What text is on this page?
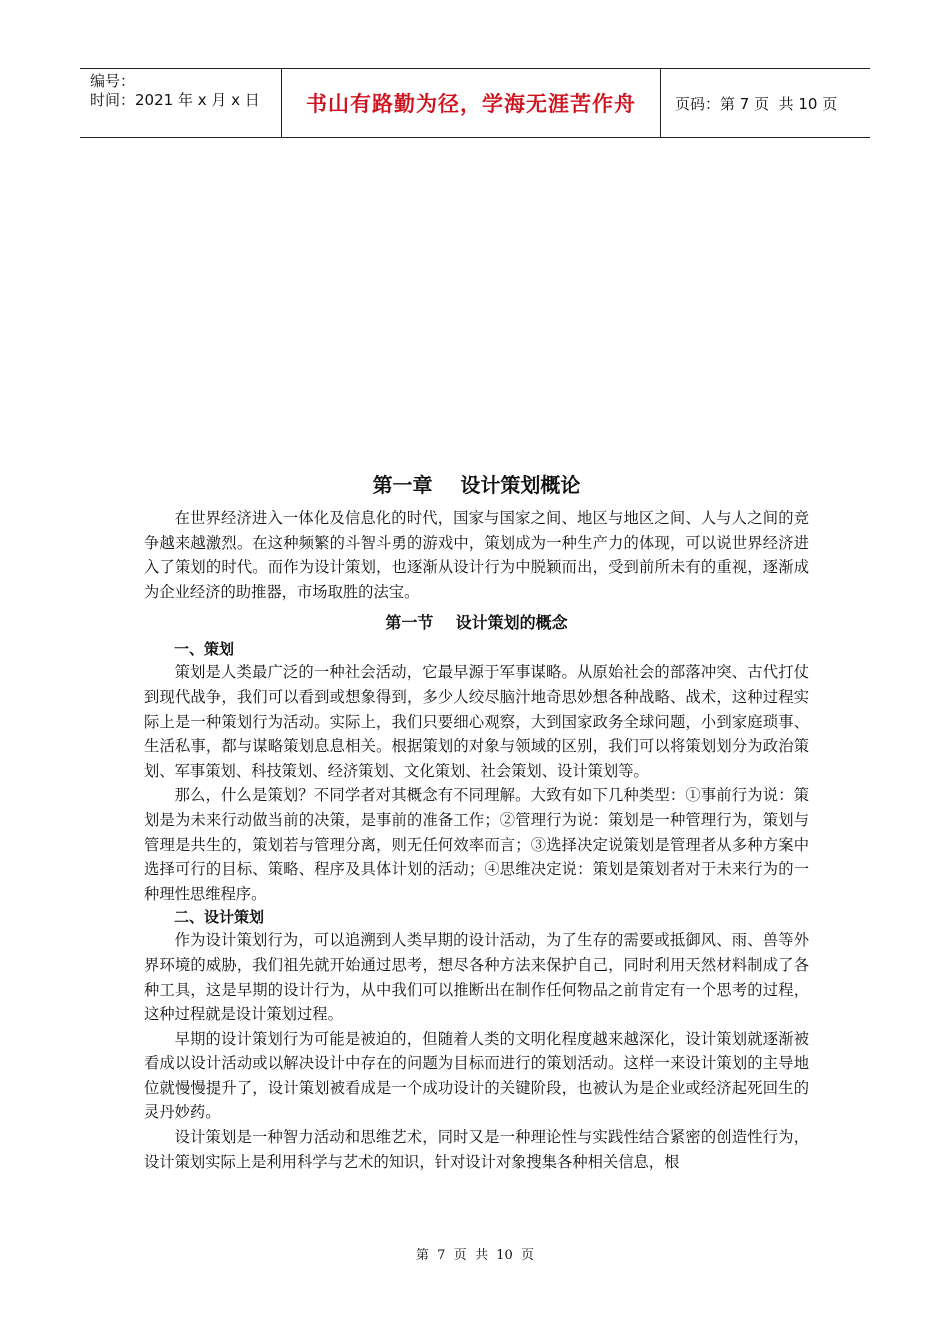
编号：
时间：2021 年 x 月 x 日	书山有路勤为径，学海无涯苦作舟	页码：第 7 页  共 10 页
第一章    设计策划概论

在世界经济进入一体化及信息化的时代，国家与国家之间、地区与地区之间、人与人之间的竞争越来越激烈。在这种频繁的斗智斗勇的游戏中，策划成为一种生产力的体现，可以说世界经济进入了策划的时代。而作为设计策划，也逐渐从设计行为中脱颖而出，受到前所未有的重视，逐渐成为企业经济的助推器，市场取胜的法宝。

第一节    设计策划的概念
一、策划

策划是人类最广泛的一种社会活动，它最早源于军事谋略。从原始社会的部落冲突、古代打仗到现代战争，我们可以看到或想象得到，多少人绞尽脑汁地奇思妙想各种战略、战术，这种过程实际上是一种策划行为活动。实际上，我们只要细心观察，大到国家政务全球问题，小到家庭琐事、生活私事，都与谋略策划息息相关。根据策划的对象与领域的区别，我们可以将策划划分为政治策划、军事策划、科技策划、经济策划、文化策划、社会策划、设计策划等。

那么，什么是策划？不同学者对其概念有不同理解。大致有如下几种类型：①事前行为说：策划是为未来行动做当前的决策，是事前的准备工作；②管理行为说：策划是一种管理行为，策划与管理是共生的，策划若与管理分离，则无任何效率而言；③选择决定说策划是管理者从多种方案中选择可行的目标、策略、程序及具体计划的活动；④思维决定说：策划是策划者对于未来行为的一种理性思维程序。

二、设计策划

作为设计策划行为，可以追溯到人类早期的设计活动，为了生存的需要或抵御风、雨、兽等外界环境的威胁，我们祖先就开始通过思考，想尽各种方法来保护自己，同时利用天然材料制成了各种工具，这是早期的设计行为，从中我们可以推断出在制作任何物品之前肯定有一个思考的过程，这种过程就是设计策划过程。

早期的设计策划行为可能是被迫的，但随着人类的文明化程度越来越深化，设计策划就逐渐被看成以设计活动或以解决设计中存在的问题为目标而进行的策划活动。这样一来设计策划的主导地位就慢慢提升了，设计策划被看成是一个成功设计的关键阶段，也被认为是企业或经济起死回生的灵丹妙药。

设计策划是一种智力活动和思维艺术，同时又是一种理论性与实践性结合紧密的创造性行为，设计策划实际上是利用科学与艺术的知识，针对设计对象搜集各种相关信息，根

第  7  页  共  10  页
